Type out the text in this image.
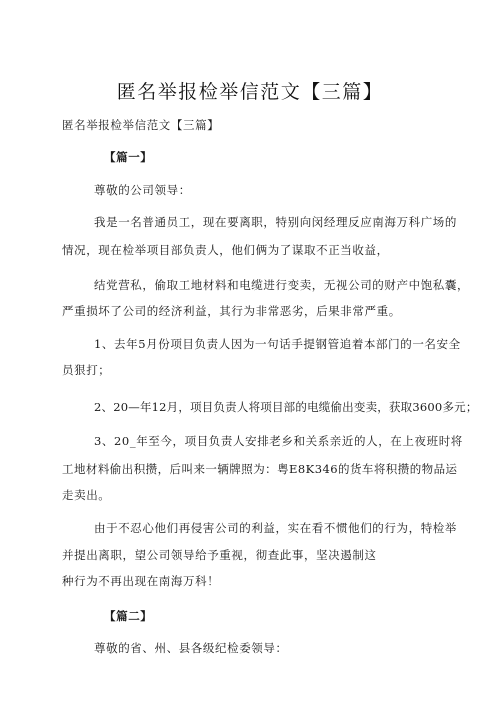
匿名举报检举信范文【三篇】
匿名举报检举信范文【三篇】
【篇一】
尊敬的公司领导：
我是一名普通员工，现在要离职，特别向闵经理反应南海万科广场的
情况，现在检举项目部负责人，他们俩为了谋取不正当收益，
结党营私，偷取工地材料和电缆进行变卖，无视公司的财产中饱私囊，
严重损坏了公司的经济利益，其行为非常恶劣，后果非常严重。
1、去年5月份项目负责人因为一句话手提钢管追着本部门的一名安全
员狠打；
2、20—年12月，项目负责人将项目部的电缆偷出变卖，获取3600多元；
3、20_年至今，项目负责人安排老乡和关系亲近的人，在上夜班时将
工地材料偷出积攒，后叫来一辆牌照为：粤E8K346的货车将积攒的物品运
走卖出。
由于不忍心他们再侵害公司的利益，实在看不惯他们的行为，特检举
并提出离职，望公司领导给予重视，彻查此事，坚决遏制这
种行为不再出现在南海万科！
【篇二】
尊敬的省、州、县各级纪检委领导：
